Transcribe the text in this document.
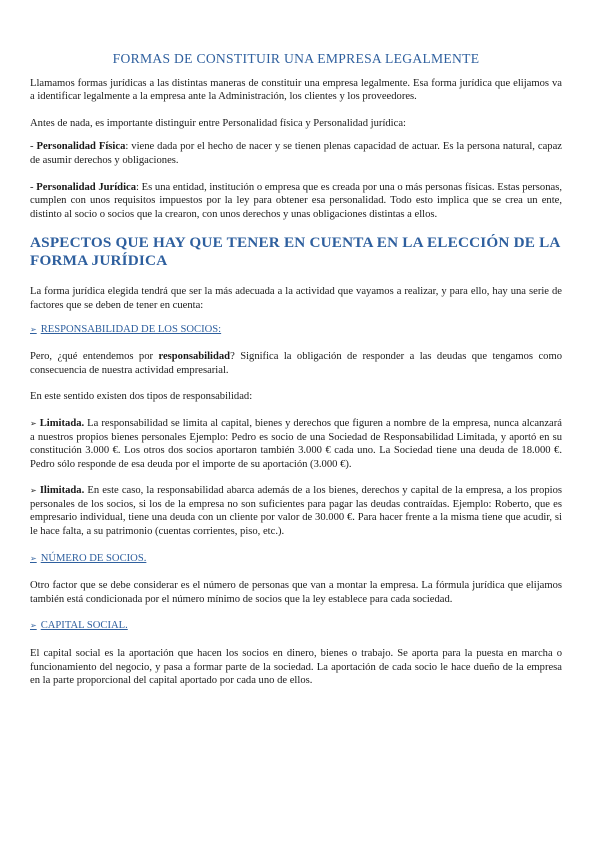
FORMAS DE CONSTITUIR UNA EMPRESA LEGALMENTE

Llamamos formas jurídicas a las distintas maneras de constituir una empresa legalmente. Esa forma jurídica que elijamos va a identificar legalmente a la empresa ante la Administración, los clientes y los proveedores.

Antes de nada, es importante distinguir entre Personalidad física y Personalidad jurídica:

- Personalidad Física: viene dada por el hecho de nacer y se tienen plenas capacidad de actuar. Es la persona natural, capaz de asumir derechos y obligaciones.

- Personalidad Jurídica: Es una entidad, institución o empresa que es creada por una o más personas físicas. Estas personas, cumplen con unos requisitos impuestos por la ley para obtener esa personalidad. Todo esto implica que se crea un ente, distinto al socio o socios que la crearon, con unos derechos y unas obligaciones distintas a ellos.

ASPECTOS QUE HAY QUE TENER EN CUENTA EN LA ELECCIÓN DE LA FORMA JURÍDICA

La forma jurídica elegida tendrá que ser la más adecuada a la actividad que vayamos a realizar, y para ello, hay una serie de factores que se deben de tener en cuenta:

➢ RESPONSABILIDAD DE LOS SOCIOS:

Pero, ¿qué entendemos por responsabilidad? Significa la obligación de responder a las deudas que tengamos como consecuencia de nuestra actividad empresarial.

En este sentido existen dos tipos de responsabilidad:

➢ Limitada. La responsabilidad se limita al capital, bienes y derechos que figuren a nombre de la empresa, nunca alcanzará a nuestros propios bienes personales Ejemplo: Pedro es socio de una Sociedad de Responsabilidad Limitada, y aportó en su constitución 3.000 €. Los otros dos socios aportaron también 3.000 € cada uno. La Sociedad tiene una deuda de 18.000 €. Pedro sólo responde de esa deuda por el importe de su aportación (3.000 €).

➢ Ilimitada. En este caso, la responsabilidad abarca además de a los bienes, derechos y capital de la empresa, a los propios personales de los socios, si los de la empresa no son suficientes para pagar las deudas contraídas. Ejemplo: Roberto, que es empresario individual, tiene una deuda con un cliente por valor de 30.000 €. Para hacer frente a la misma tiene que acudir, si le hace falta, a su patrimonio (cuentas corrientes, piso, etc.).

➢ NÚMERO DE SOCIOS.

Otro factor que se debe considerar es el número de personas que van a montar la empresa. La fórmula jurídica que elijamos también está condicionada por el número mínimo de socios que la ley establece para cada sociedad.

➢ CAPITAL SOCIAL.

El capital social es la aportación que hacen los socios en dinero, bienes o trabajo. Se aporta para la puesta en marcha o funcionamiento del negocio, y pasa a formar parte de la sociedad. La aportación de cada socio le hace dueño de la empresa en la parte proporcional del capital aportado por cada uno de ellos.
